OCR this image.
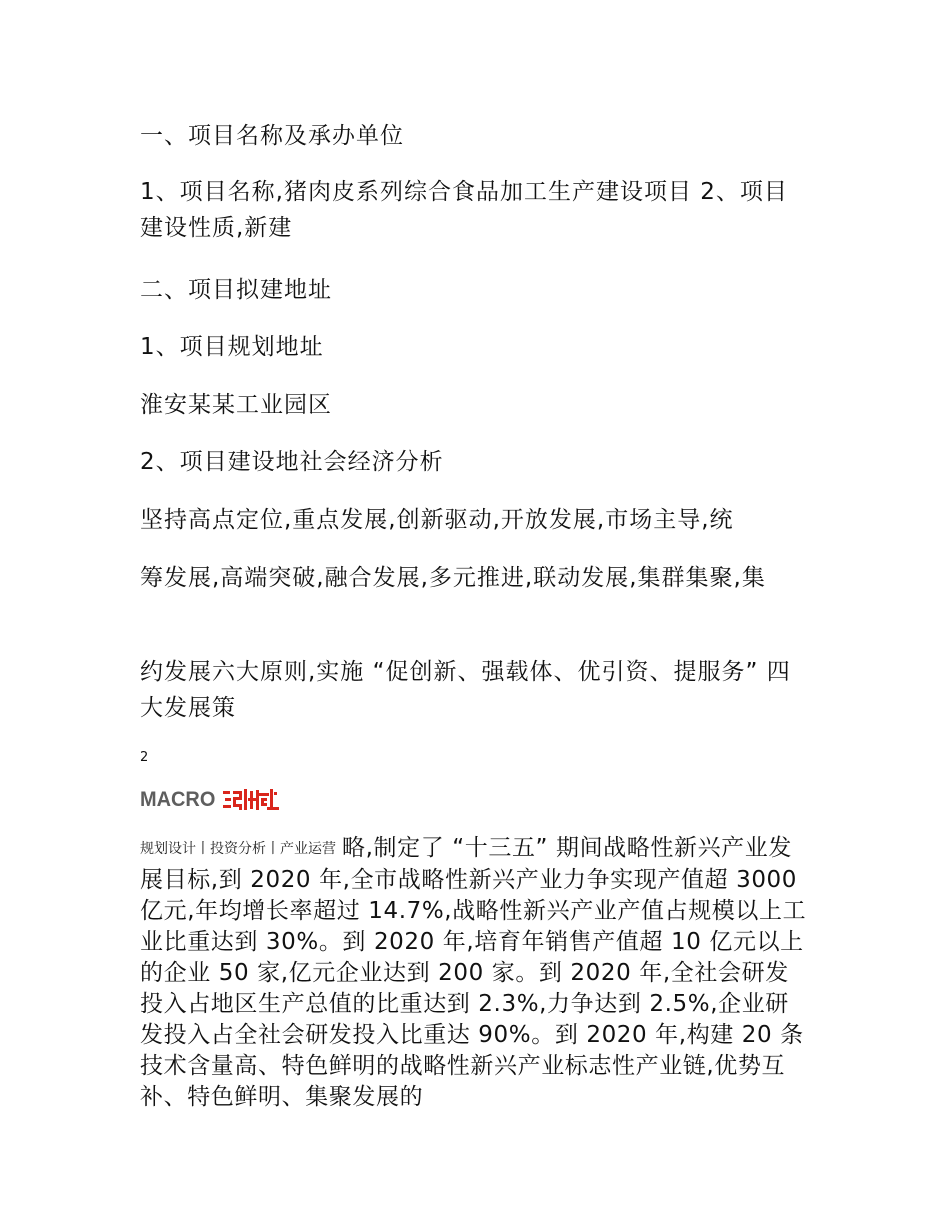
一、项目名称及承办单位

1、项目名称,猪肉皮系列综合食品加工生产建设项目 2、项目建设性质,新建

二、项目拟建地址

1、项目规划地址

淮安某某工业园区

2、项目建设地社会经济分析

坚持高点定位,重点发展,创新驱动,开放发展,市场主导,统

筹发展,高端突破,融合发展,多元推进,联动发展,集群集聚,集

约发展六大原则,实施 “促创新、强载体、优引资、提服务” 四大发展策

2

MACRO

规划设计丨投资分析丨产业运营 略,制定了 “十三五” 期间战略性新兴产业发展目标,到 2020 年,全市战略性新兴产业力争实现产值超 3000 亿元,年均增长率超过 14.7%,战略性新兴产业产值占规模以上工业比重达到 30%。到 2020 年,培育年销售产值超 10 亿元以上的企业 50 家,亿元企业达到 200 家。到 2020 年,全社会研发投入占地区生产总值的比重达到 2.3%,力争达到 2.5%,企业研发投入占全社会研发投入比重达 90%。到 2020 年,构建 20 条技术含量高、特色鲜明的战略性新兴产业标志性产业链,优势互补、特色鲜明、集聚发展的
